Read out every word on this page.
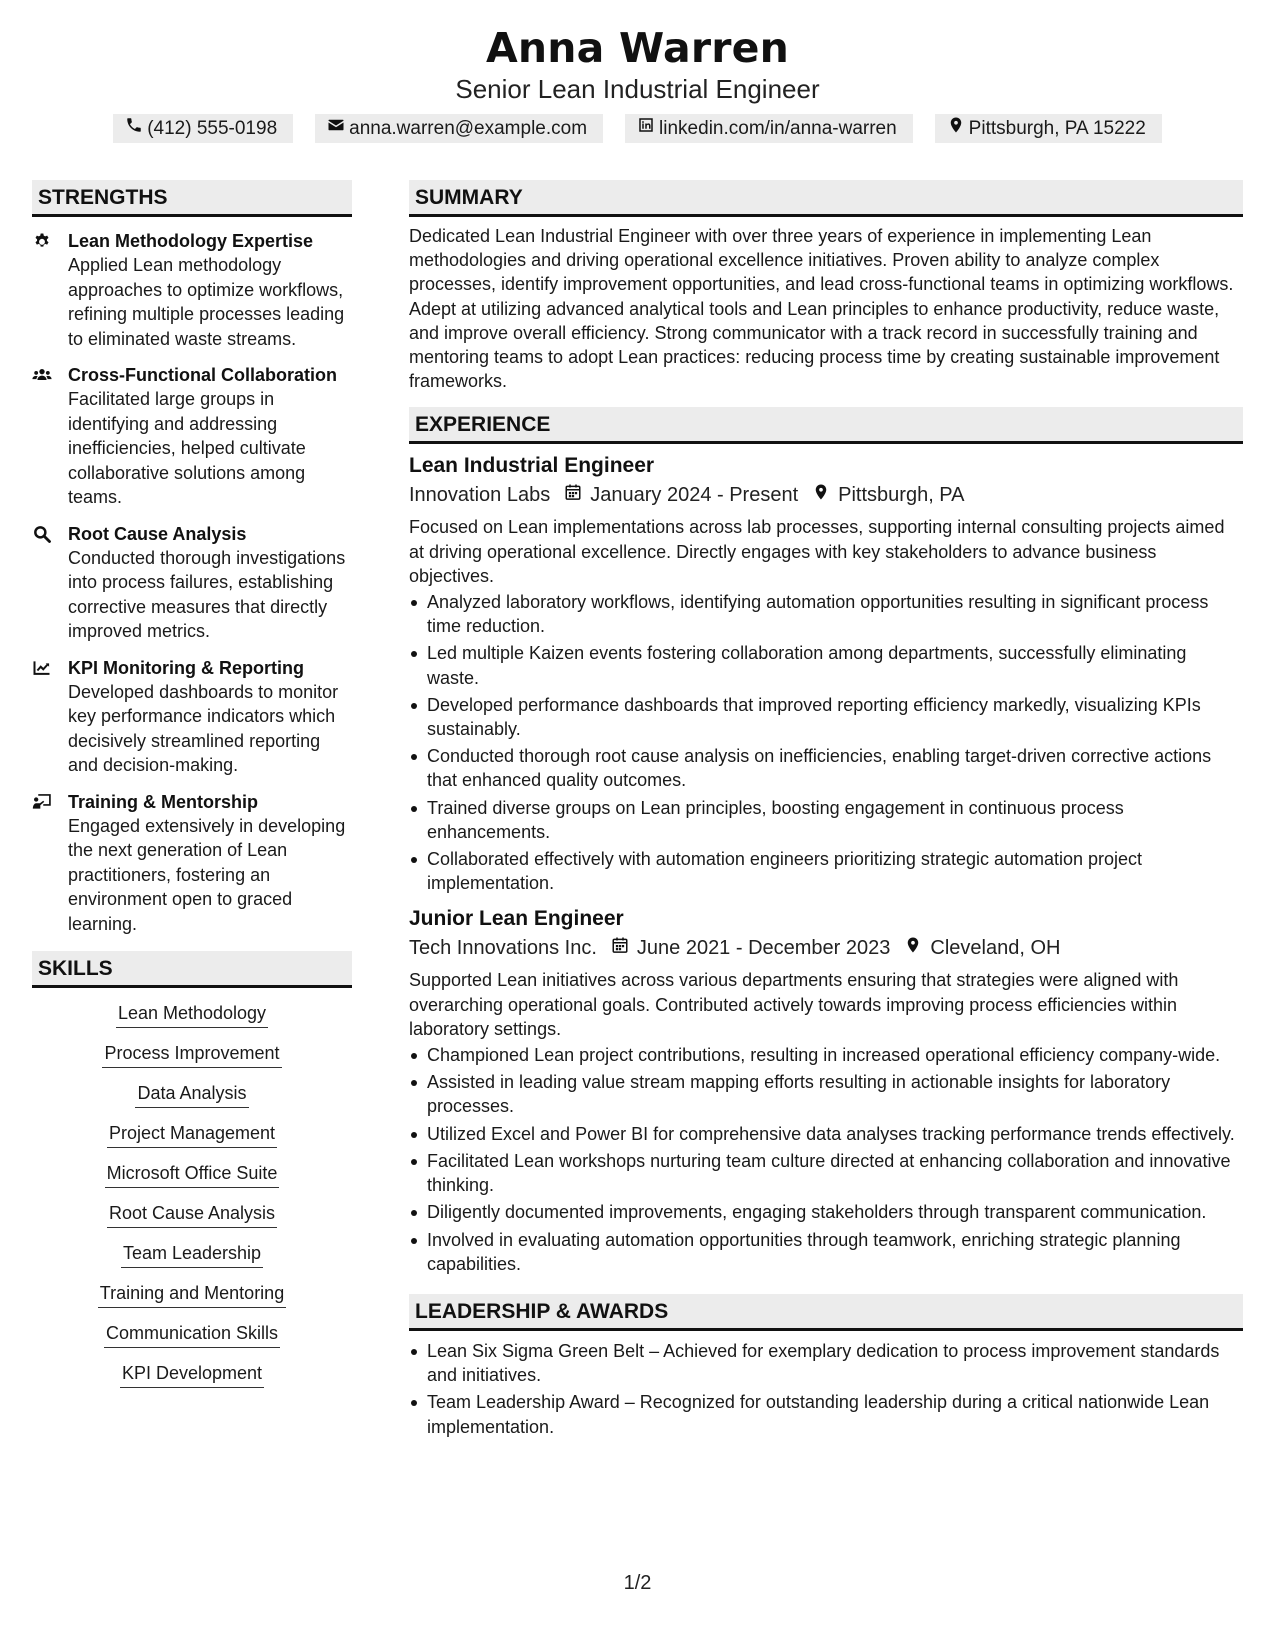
Anna Warren
Senior Lean Industrial Engineer
(412) 555-0198	anna.warren@example.com	linkedin.com/in/anna-warren	Pittsburgh, PA 15222
STRENGTHS
Lean Methodology Expertise
Applied Lean methodology approaches to optimize workflows, refining multiple processes leading to eliminated waste streams.
Cross-Functional Collaboration
Facilitated large groups in identifying and addressing inefficiencies, helped cultivate collaborative solutions among teams.
Root Cause Analysis
Conducted thorough investigations into process failures, establishing corrective measures that directly improved metrics.
KPI Monitoring & Reporting
Developed dashboards to monitor key performance indicators which decisively streamlined reporting and decision-making.
Training & Mentorship
Engaged extensively in developing the next generation of Lean practitioners, fostering an environment open to graced learning.
SKILLS
Lean Methodology
Process Improvement
Data Analysis
Project Management
Microsoft Office Suite
Root Cause Analysis
Team Leadership
Training and Mentoring
Communication Skills
KPI Development
SUMMARY

Dedicated Lean Industrial Engineer with over three years of experience in implementing Lean methodologies and driving operational excellence initiatives. Proven ability to analyze complex processes, identify improvement opportunities, and lead cross-functional teams in optimizing workflows. Adept at utilizing advanced analytical tools and Lean principles to enhance productivity, reduce waste, and improve overall efficiency. Strong communicator with a track record in successfully training and mentoring teams to adopt Lean practices: reducing process time by creating sustainable improvement frameworks.

EXPERIENCE
Lean Industrial Engineer
Innovation Labs January 2024 - Present Pittsburgh, PA

Focused on Lean implementations across lab processes, supporting internal consulting projects aimed at driving operational excellence. Directly engages with key stakeholders to advance business objectives.

Analyzed laboratory workflows, identifying automation opportunities resulting in significant process time reduction.
Led multiple Kaizen events fostering collaboration among departments, successfully eliminating waste.
Developed performance dashboards that improved reporting efficiency markedly, visualizing KPIs sustainably.
Conducted thorough root cause analysis on inefficiencies, enabling target-driven corrective actions that enhanced quality outcomes.
Trained diverse groups on Lean principles, boosting engagement in continuous process enhancements.
Collaborated effectively with automation engineers prioritizing strategic automation project implementation.
Junior Lean Engineer
Tech Innovations Inc. June 2021 - December 2023 Cleveland, OH

Supported Lean initiatives across various departments ensuring that strategies were aligned with overarching operational goals. Contributed actively towards improving process efficiencies within laboratory settings.

Championed Lean project contributions, resulting in increased operational efficiency company-wide.
Assisted in leading value stream mapping efforts resulting in actionable insights for laboratory processes.
Utilized Excel and Power BI for comprehensive data analyses tracking performance trends effectively.
Facilitated Lean workshops nurturing team culture directed at enhancing collaboration and innovative thinking.
Diligently documented improvements, engaging stakeholders through transparent communication.
Involved in evaluating automation opportunities through teamwork, enriching strategic planning capabilities.
LEADERSHIP & AWARDS
Lean Six Sigma Green Belt – Achieved for exemplary dedication to process improvement standards and initiatives.
Team Leadership Award – Recognized for outstanding leadership during a critical nationwide Lean implementation.
1/2
